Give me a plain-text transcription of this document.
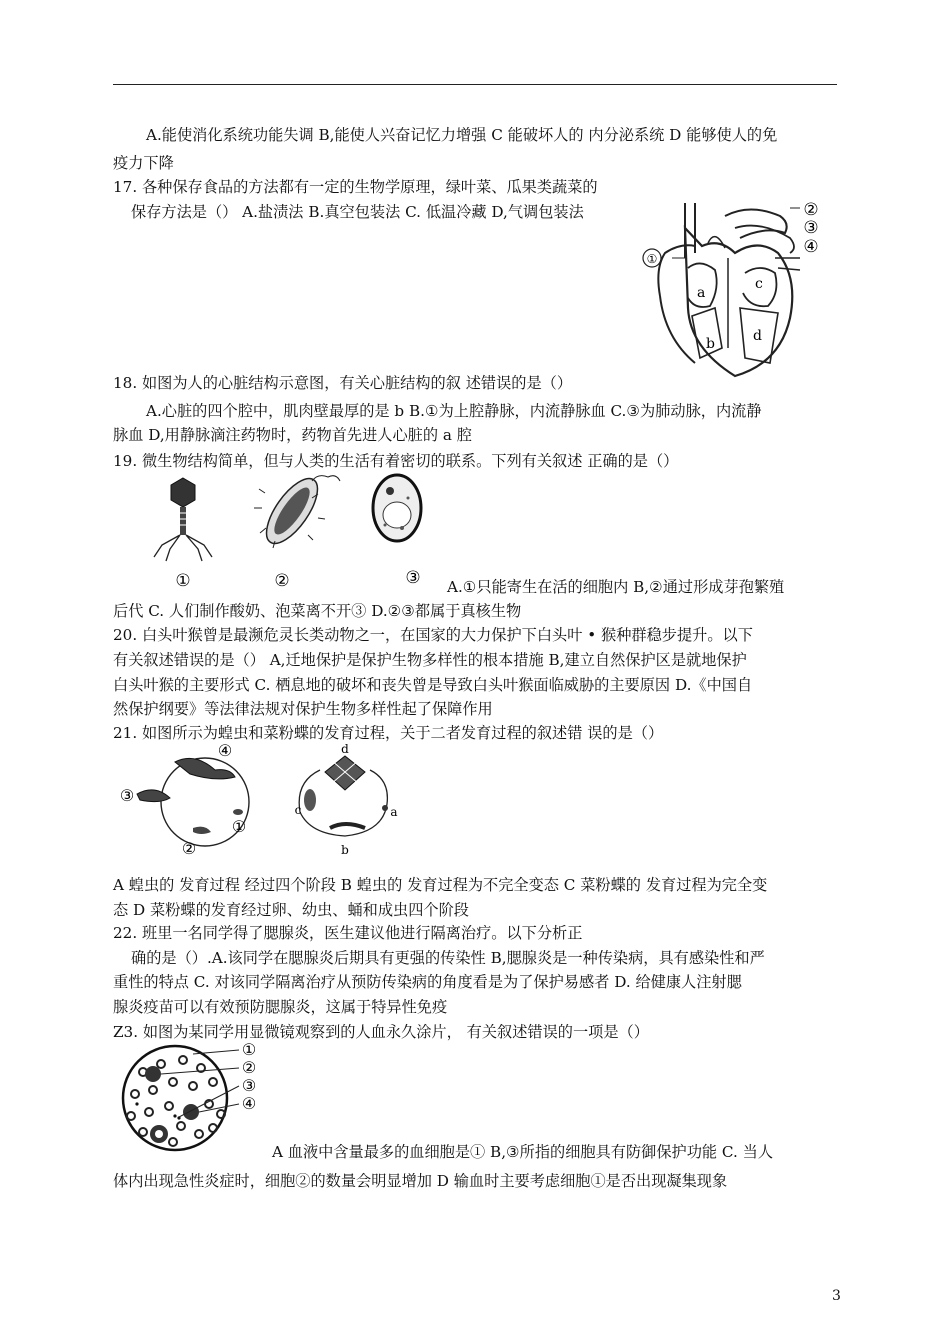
A.能使消化系统功能失调 B,能使人兴奋记忆力增强 C 能破坏人的 内分泌系统 D 能够使人的免
疫力下降
17. 各种保存食品的方法都有一定的生物学原理，绿叶菜、瓜果类蔬菜的
保存方法是（） A.盐渍法 B.真空包装法 C. 低温冷藏 D,气调包装法
①
②
③
④
a
b
c
d
18. 如图为人的心脏结构示意图，有关心脏结构的叙 述错误的是（）
A.心脏的四个腔中，肌肉壁最厚的是 b B.①为上腔静脉，内流静脉血 C.③为肺动脉，内流静
脉血 D,用静脉滴注药物时，药物首先进人心脏的 a 腔
19. 微生物结构简单，但与人类的生活有着密切的联系。下列有关叙述 正确的是（）
①	②	③ A.①只能寄生在活的细胞内 B,②通过形成芽孢繁殖
后代 C. 人们制作酸奶、泡菜离不开③ D.②③都属于真核生物
20. 白头叶猴曾是最濒危灵长类动物之一，在国家的大力保护下白头叶 • 猴种群稳步提升。以下
有关叙述错误的是（） A,迁地保护是保护生物多样性的根本措施 B,建立自然保护区是就地保护
白头叶猴的主要形式 C. 栖息地的破坏和丧失曾是导致白头叶猴面临威胁的主要原因 D.《中国自
然保护纲要》等法律法规对保护生物多样性起了保障作用
21. 如图所示为蝗虫和菜粉蝶的发育过程，关于二者发育过程的叙述错 误的是（）
④
③
②
①
d
c
b
a
A 蝗虫的 发育过程 经过四个阶段 B 蝗虫的 发育过程为不完全变态 C 菜粉蝶的 发育过程为完全变
态 D 菜粉蝶的发育经过卵、幼虫、蛹和成虫四个阶段
22. 班里一名同学得了腮腺炎，医生建议他进行隔离治疗。以下分析正
确的是（）.A.该同学在腮腺炎后期具有更强的传染性 B,腮腺炎是一种传染病，具有感染性和严
重性的特点 C. 对该同学隔离治疗从预防传染病的角度看是为了保护易感者 D. 给健康人注射腮
腺炎疫苗可以有效预防腮腺炎，这属于特异性免疫
Z3. 如图为某同学用显微镜观察到的人血永久涂片， 有关叙述错误的一项是（）
①
②
③
④
A 血液中含量最多的血细胞是① B,③所指的细胞具有防御保护功能 C. 当人
体内出现急性炎症时，细胞②的数量会明显增加 D 输血时主要考虑细胞①是否出现凝集现象
3
